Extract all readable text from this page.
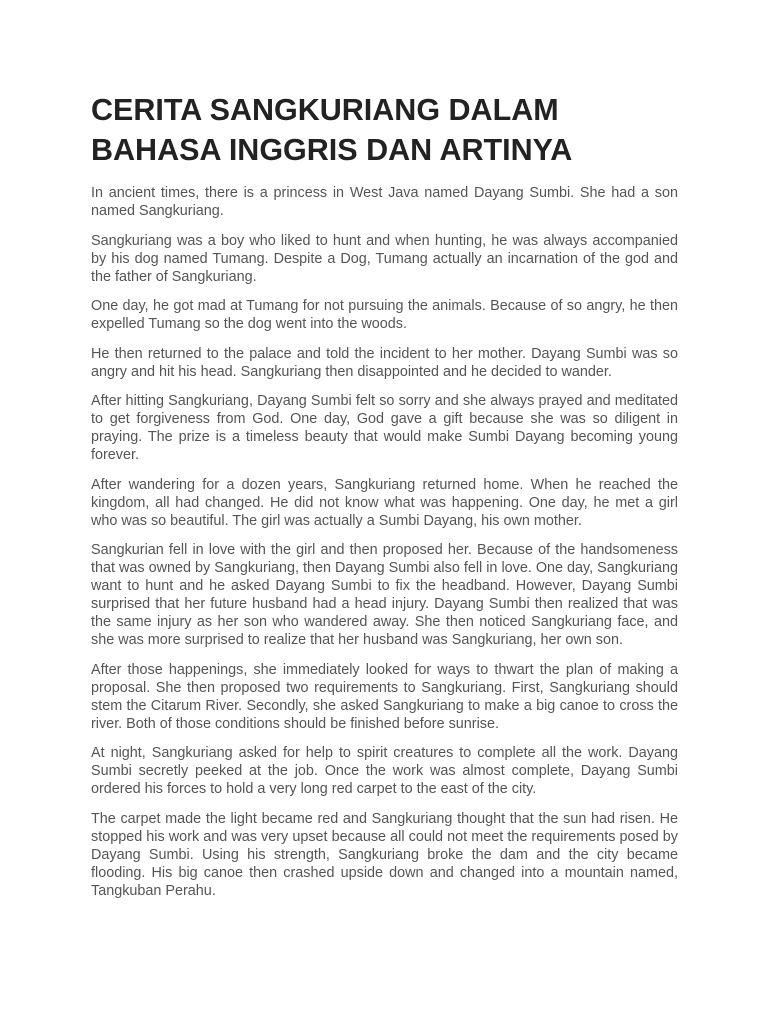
CERITA SANGKURIANG DALAM
BAHASA INGGRIS DAN ARTINYA

In ancient times, there is a princess in West Java named Dayang Sumbi. She had a son named Sangkuriang.

Sangkuriang was a boy who liked to hunt and when hunting, he was always accompanied by his dog named Tumang. Despite a Dog, Tumang actually an incarnation of the god and the father of Sangkuriang.

One day, he got mad at Tumang for not pursuing the animals. Because of so angry, he then expelled Tumang so the dog went into the woods.

He then returned to the palace and told the incident to her mother. Dayang Sumbi was so angry and hit his head. Sangkuriang then disappointed and he decided to wander.

After hitting Sangkuriang, Dayang Sumbi felt so sorry and she always prayed and meditated to get forgiveness from God. One day, God gave a gift because she was so diligent in praying. The prize is a timeless beauty that would make Sumbi Dayang becoming young forever.

After wandering for a dozen years, Sangkuriang returned home. When he reached the kingdom, all had changed. He did not know what was happening. One day, he met a girl who was so beautiful. The girl was actually a Sumbi Dayang, his own mother.

Sangkurian fell in love with the girl and then proposed her. Because of the handsomeness that was owned by Sangkuriang, then Dayang Sumbi also fell in love. One day, Sangkuriang want to hunt and he asked Dayang Sumbi to fix the headband. However, Dayang Sumbi surprised that her future husband had a head injury. Dayang Sumbi then realized that was the same injury as her son who wandered away. She then noticed Sangkuriang face, and she was more surprised to realize that her husband was Sangkuriang, her own son.

After those happenings, she immediately looked for ways to thwart the plan of making a proposal. She then proposed two requirements to Sangkuriang. First, Sangkuriang should stem the Citarum River. Secondly, she asked Sangkuriang to make a big canoe to cross the river. Both of those conditions should be finished before sunrise.

At night, Sangkuriang asked for help to spirit creatures to complete all the work. Dayang Sumbi secretly peeked at the job. Once the work was almost complete, Dayang Sumbi ordered his forces to hold a very long red carpet to the east of the city.

The carpet made the light became red and Sangkuriang thought that the sun had risen. He stopped his work and was very upset because all could not meet the requirements posed by Dayang Sumbi. Using his strength, Sangkuriang broke the dam and the city became flooding. His big canoe then crashed upside down and changed into a mountain named, Tangkuban Perahu.
